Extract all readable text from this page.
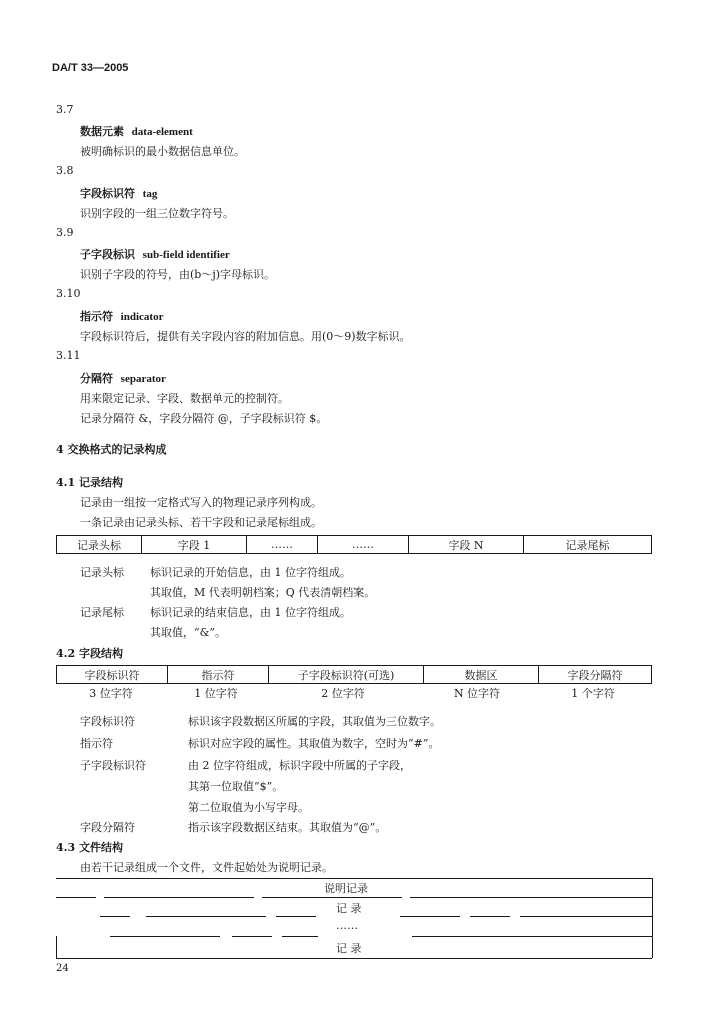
DA/T 33—2005
3.7
数据元素 data-element
被明确标识的最小数据信息单位。
3.8
字段标识符 tag
识别字段的一组三位数字符号。
3.9
子字段标识 sub-field identifier
识别子字段的符号，由(b～j)字母标识。
3.10
指示符 indicator
字段标识符后，提供有关字段内容的附加信息。用(0～9)数字标识。
3.11
分隔符 separator
用来限定记录、字段、数据单元的控制符。
记录分隔符 &，字段分隔符 @，子字段标识符 $。
4 交换格式的记录构成
4.1 记录结构
记录由一组按一定格式写入的物理记录序列构成。
一条记录由记录头标、若干字段和记录尾标组成。
记录头标	字段 1	……	……	字段 N	记录尾标
记录头标 标识记录的开始信息，由 1 位字符组成。
其取值，M 代表明朝档案；Q 代表清朝档案。
记录尾标 标识记录的结束信息，由 1 位字符组成。
其取值，“&”。
4.2 字段结构
字段标识符	指示符	子字段标识符(可选)	数据区	字段分隔符
3 位字符	1 位字符	2 位字符	N 位字符	1 个字符
字段标识符	标识该字段数据区所属的字段，其取值为三位数字。
指示符	标识对应字段的属性。其取值为数字，空时为“#”。
子字段标识符	由 2 位字符组成，标识字段中所属的子字段，
其第一位取值“$”。
第二位取值为小写字母。
字段分隔符	指示该字段数据区结束。其取值为“@”。
4.3 文件结构
由若干记录组成一个文件，文件起始处为说明记录。
说明记录
记 录
……
记 录
24
